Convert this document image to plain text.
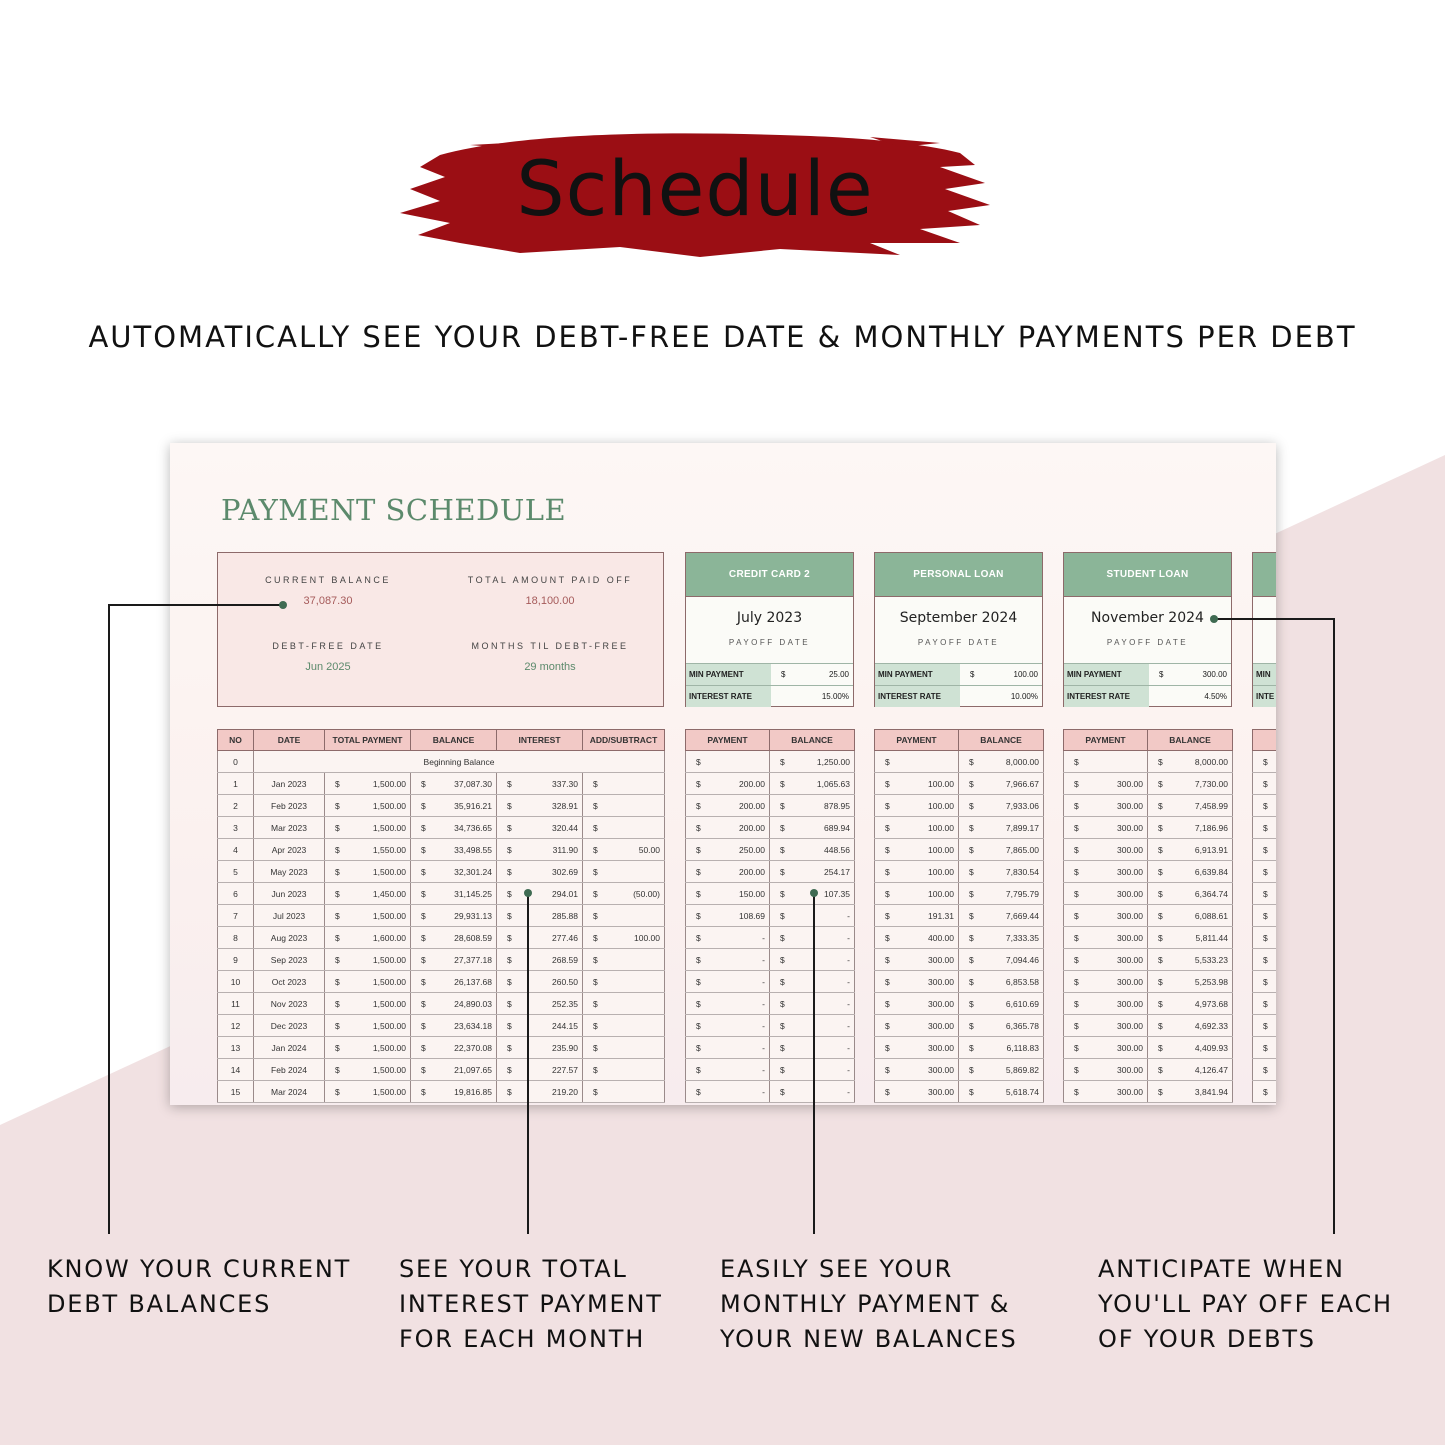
Schedule
AUTOMATICALLY SEE YOUR DEBT-FREE DATE & MONTHLY PAYMENTS PER DEBT
PAYMENT SCHEDULE
CURRENT BALANCE
37,087.30
TOTAL AMOUNT PAID OFF
18,100.00
DEBT-FREE DATE
Jun 2025
MONTHS TIL DEBT-FREE
29 months
CREDIT CARD 2
July 2023
PAYOFF DATE
MIN PAYMENT	$	25.00
INTEREST RATE	15.00%
PERSONAL LOAN
September 2024
PAYOFF DATE
MIN PAYMENT	$	100.00
INTEREST RATE	10.00%
STUDENT LOAN
November 2024
PAYOFF DATE
MIN PAYMENT	$	300.00
INTEREST RATE	4.50%
MIN
INTE
NO	DATE	TOTAL PAYMENT	BALANCE	INTEREST	ADD/SUBTRACT
0	Beginning Balance				
1	Jan 2023	$ 1,500.00	$ 37,087.30	$ 337.30	$

2	Feb 2023	$ 1,500.00	$ 35,916.21	$ 328.91	$

3	Mar 2023	$ 1,500.00	$ 34,736.65	$ 320.44	$

4	Apr 2023	$ 1,550.00	$ 33,498.55	$ 311.90	$ 50.00

5	May 2023	$ 1,500.00	$ 32,301.24	$ 302.69	$

6	Jun 2023	$ 1,450.00	$ 31,145.25	$ 294.01	$ (50.00)

7	Jul 2023	$ 1,500.00	$ 29,931.13	$ 285.88	$

8	Aug 2023	$ 1,600.00	$ 28,608.59	$ 277.46	$ 100.00

9	Sep 2023	$ 1,500.00	$ 27,377.18	$ 268.59	$

10	Oct 2023	$ 1,500.00	$ 26,137.68	$ 260.50	$

11	Nov 2023	$ 1,500.00	$ 24,890.03	$ 252.35	$

12	Dec 2023	$ 1,500.00	$ 23,634.18	$ 244.15	$

13	Jan 2024	$ 1,500.00	$ 22,370.08	$ 235.90	$

14	Feb 2024	$ 1,500.00	$ 21,097.65	$ 227.57	$

15	Mar 2024	$ 1,500.00	$ 19,816.85	$ 219.20	$
PAYMENT	BALANCE

$	$ 1,250.00

$ 200.00	$ 1,065.63

$ 200.00	$ 878.95

$ 200.00	$ 689.94

$ 250.00	$ 448.56

$ 200.00	$ 254.17

$ 150.00	$ 107.35

$ 108.69	$ -

$ -	$ -

$ -	$ -

$ -	$ -

$ -	$ -

$ -	$ -

$ -	$ -

$ -	$ -

$ -	$ -
PAYMENT	BALANCE

$	$ 8,000.00

$ 100.00	$ 7,966.67

$ 100.00	$ 7,933.06

$ 100.00	$ 7,899.17

$ 100.00	$ 7,865.00

$ 100.00	$ 7,830.54

$ 100.00	$ 7,795.79

$ 191.31	$ 7,669.44

$ 400.00	$ 7,333.35

$ 300.00	$ 7,094.46

$ 300.00	$ 6,853.58

$ 300.00	$ 6,610.69

$ 300.00	$ 6,365.78

$ 300.00	$ 6,118.83

$ 300.00	$ 5,869.82

$ 300.00	$ 5,618.74
PAYMENT	BALANCE

$	$ 8,000.00

$ 300.00	$ 7,730.00

$ 300.00	$ 7,458.99

$ 300.00	$ 7,186.96

$ 300.00	$ 6,913.91

$ 300.00	$ 6,639.84

$ 300.00	$ 6,364.74

$ 300.00	$ 6,088.61

$ 300.00	$ 5,811.44

$ 300.00	$ 5,533.23

$ 300.00	$ 5,253.98

$ 300.00	$ 4,973.68

$ 300.00	$ 4,692.33

$ 300.00	$ 4,409.93

$ 300.00	$ 4,126.47

$ 300.00	$ 3,841.94

$	

$	

$	

$	

$	

$	

$	

$	

$	

$	

$	

$	

$	

$	

$	

$	

KNOW YOUR CURRENT
DEBT BALANCES
SEE YOUR TOTAL
INTEREST PAYMENT
FOR EACH MONTH
EASILY SEE YOUR
MONTHLY PAYMENT &
YOUR NEW BALANCES
ANTICIPATE WHEN
YOU'LL PAY OFF EACH
OF YOUR DEBTS
